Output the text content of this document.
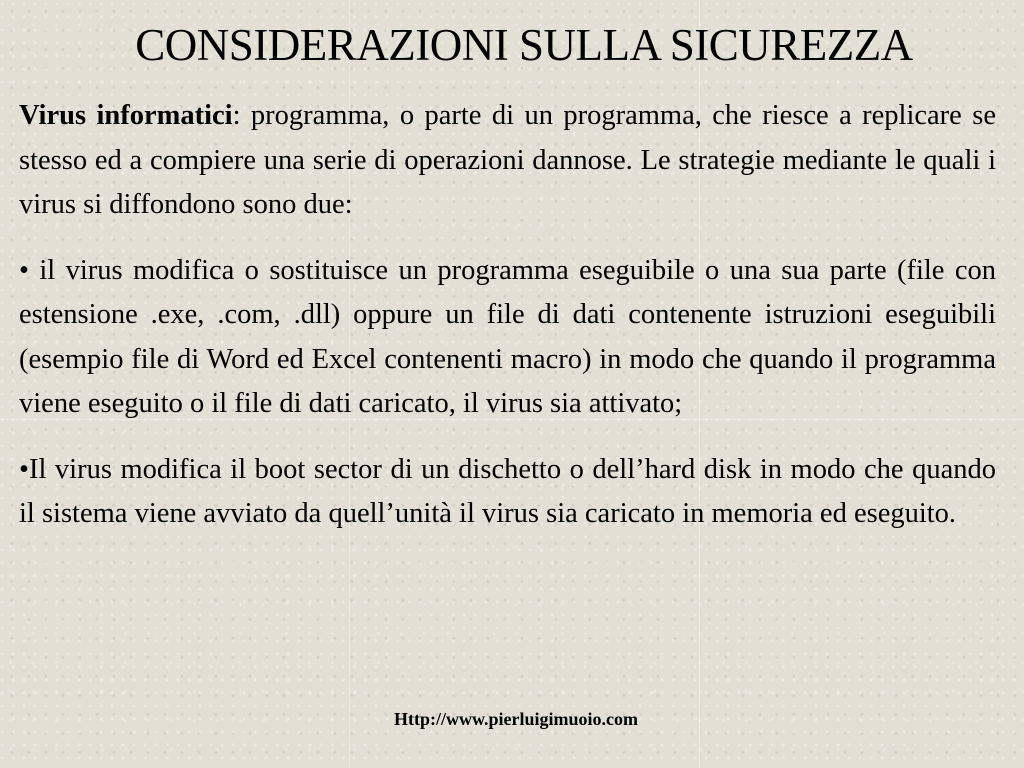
CONSIDERAZIONI SULLA SICUREZZA

Virus informatici: programma, o parte di un programma, che riesce a replicare se stesso ed a compiere una serie di operazioni dannose. Le strategie mediante le quali i virus si diffondono sono due:

• il virus modifica o sostituisce un programma eseguibile o una sua parte (file con estensione .exe, .com, .dll) oppure un file di dati contenente istruzioni eseguibili (esempio file di Word ed Excel contenenti macro) in modo che quando il programma viene eseguito o il file di dati caricato, il virus sia attivato;

•Il virus modifica il boot sector di un dischetto o dell’hard disk in modo che quando il sistema viene avviato da quell’unità il virus sia caricato in memoria ed eseguito.

Http://www.pierluigimuoio.com
